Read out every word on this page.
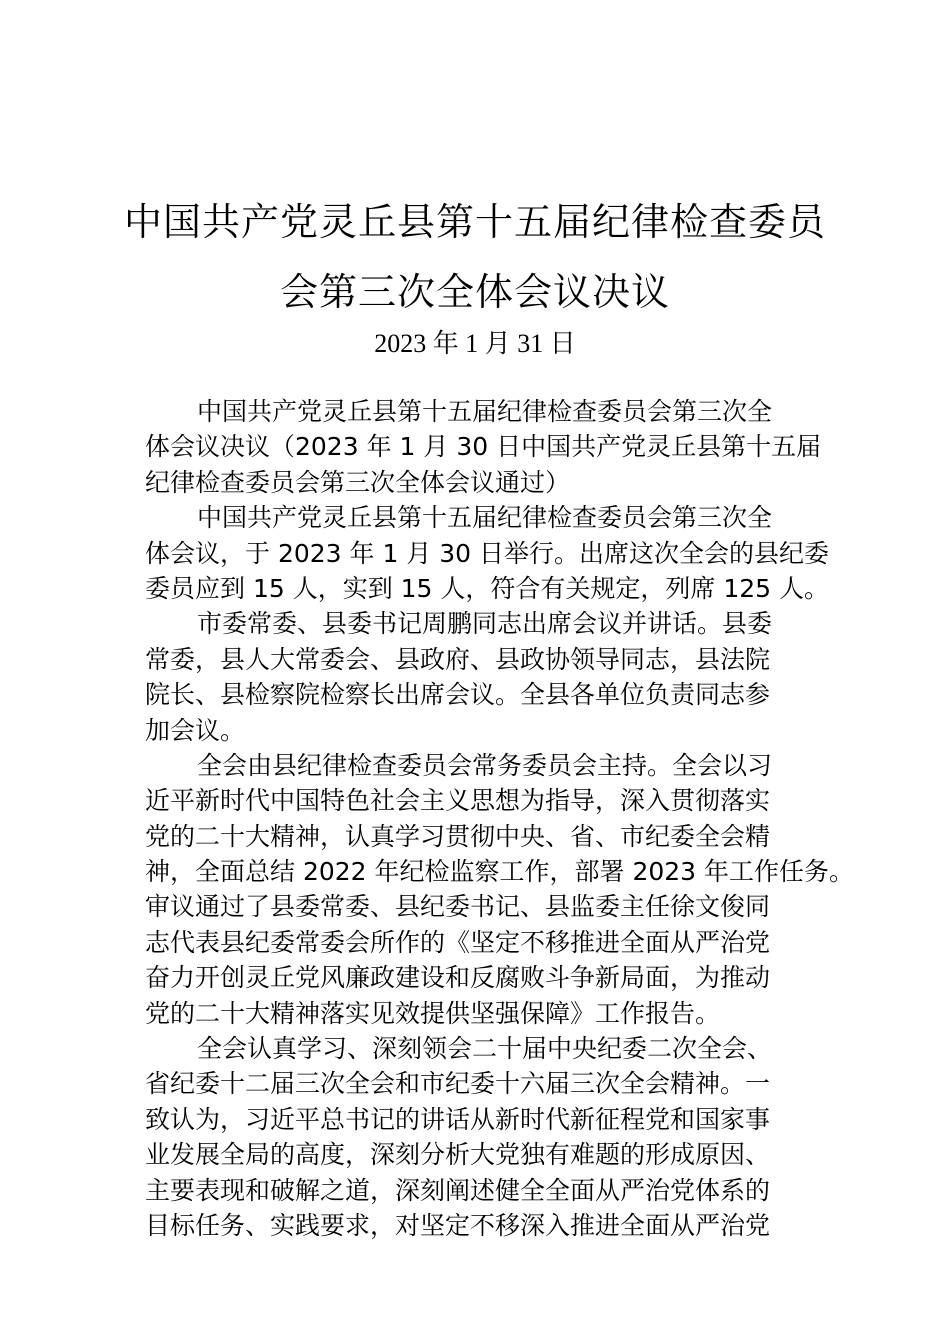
中国共产党灵丘县第十五届纪律检查委员
会第三次全体会议决议
2023 年 1 月 31 日
中国共产党灵丘县第十五届纪律检查委员会第三次全
体会议决议（2023 年 1 月 30 日中国共产党灵丘县第十五届
纪律检查委员会第三次全体会议通过）
中国共产党灵丘县第十五届纪律检查委员会第三次全
体会议，于 2023 年 1 月 30 日举行。出席这次全会的县纪委
委员应到 15 人，实到 15 人，符合有关规定，列席 125 人。
市委常委、县委书记周鹏同志出席会议并讲话。县委
常委，县人大常委会、县政府、县政协领导同志，县法院
院长、县检察院检察长出席会议。全县各单位负责同志参
加会议。
全会由县纪律检查委员会常务委员会主持。全会以习
近平新时代中国特色社会主义思想为指导，深入贯彻落实
党的二十大精神，认真学习贯彻中央、省、市纪委全会精
神，全面总结 2022 年纪检监察工作，部署 2023 年工作任务。
审议通过了县委常委、县纪委书记、县监委主任徐文俊同
志代表县纪委常委会所作的《坚定不移推进全面从严治党
奋力开创灵丘党风廉政建设和反腐败斗争新局面，为推动
党的二十大精神落实见效提供坚强保障》工作报告。
全会认真学习、深刻领会二十届中央纪委二次全会、
省纪委十二届三次全会和市纪委十六届三次全会精神。一
致认为，习近平总书记的讲话从新时代新征程党和国家事
业发展全局的高度，深刻分析大党独有难题的形成原因、
主要表现和破解之道，深刻阐述健全全面从严治党体系的
目标任务、实践要求，对坚定不移深入推进全面从严治党
